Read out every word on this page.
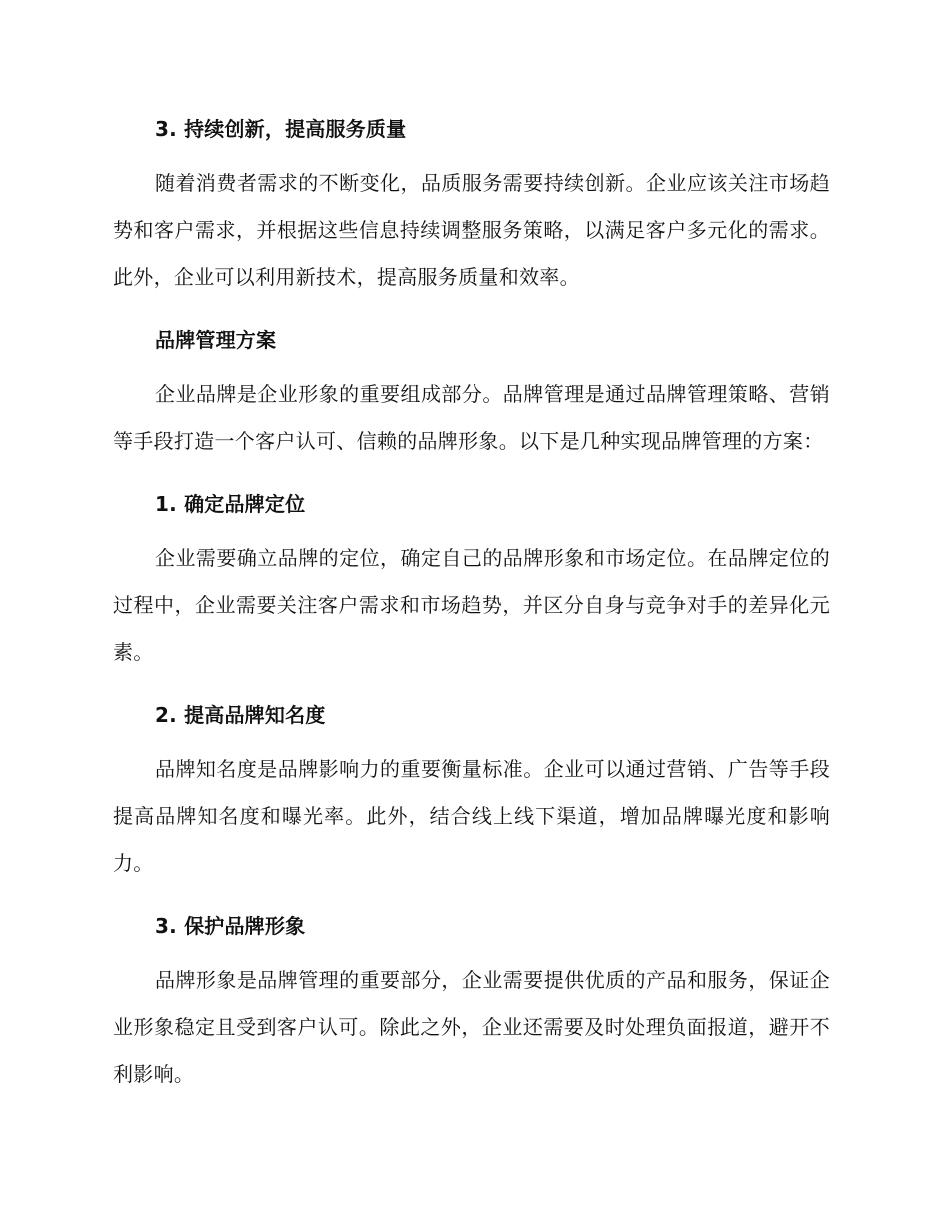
3. 持续创新，提高服务质量

随着消费者需求的不断变化，品质服务需要持续创新。企业应该关注市场趋势和客户需求，并根据这些信息持续调整服务策略，以满足客户多元化的需求。此外，企业可以利用新技术，提高服务质量和效率。

品牌管理方案

企业品牌是企业形象的重要组成部分。品牌管理是通过品牌管理策略、营销等手段打造一个客户认可、信赖的品牌形象。以下是几种实现品牌管理的方案：

1. 确定品牌定位

企业需要确立品牌的定位，确定自己的品牌形象和市场定位。在品牌定位的过程中，企业需要关注客户需求和市场趋势，并区分自身与竞争对手的差异化元素。

2. 提高品牌知名度

品牌知名度是品牌影响力的重要衡量标准。企业可以通过营销、广告等手段提高品牌知名度和曝光率。此外，结合线上线下渠道，增加品牌曝光度和影响力。

3. 保护品牌形象

品牌形象是品牌管理的重要部分，企业需要提供优质的产品和服务，保证企业形象稳定且受到客户认可。除此之外，企业还需要及时处理负面报道，避开不利影响。
